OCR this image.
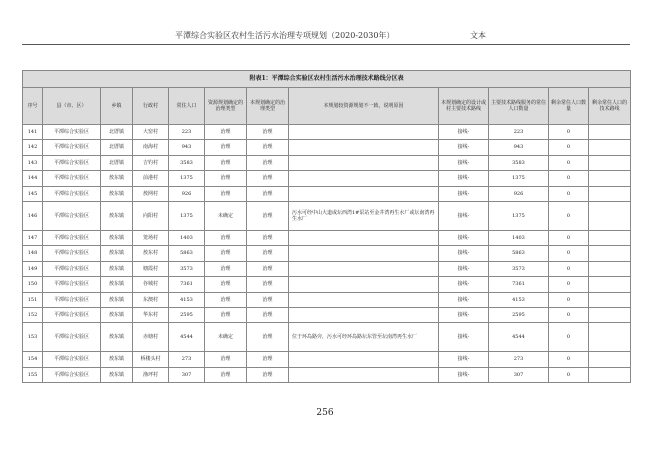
平潭综合实验区农村生活污水治理专项规划（2020-2030年）	文本
附表1：平潭综合实验区农村生活污水治理技术路线分区表											
序号	县（市、区）	乡镇	行政村	常住人口	资源规划确定的治理类型	本规划确定的治理类型	本规划较资源规划不一致，说明原因	本规划确定的设计或村主要技术路线	主要技术路线服务的常住人口数量	剩余常住人口数量	剩余常住人口的技术路线
141	平潭综合实验区	北厝镇	大窑村	223	治理	治理		接线-	223	0	
142	平潭综合实验区	北厝镇	南海村	943	治理	治理		接线-	943	0	
143	平潭综合实验区	北厝镇	吉钓村	3583	治理	治理		接线-	3583	0	
144	平潭综合实验区	敖东镇	前港村	1375	治理	治理		接线-	1375	0	
145	平潭综合实验区	敖东镇	敖网村	926	治理	治理		接线-	926	0	
146	平潭综合实验区	敖东镇	向阳村	1375	未确定	治理	污水可经中山大道或坛西湾1#泵站至金井湾再生水厂或坛南湾再生水厂	接线-	1375	0	
147	平潭综合实验区	敖东镇	笼场村	1403	治理	治理		接线-	1403	0	
148	平潭综合实验区	敖东镇	敖东村	5863	治理	治理		接线-	5863	0	
149	平潭综合实验区	敖东镇	塘霞村	3573	治理	治理		接线-	3573	0	
150	平潭综合实验区	敖东镇	谷城村	7361	治理	治理		接线-	7361	0	
151	平潭综合实验区	敖东镇	东澳村	4153	治理	治理		接线-	4153	0	
152	平潭综合实验区	敖东镇	华东村	2595	治理	治理		接线-	2595	0	
153	平潭综合实验区	敖东镇	赤塘村	4544	未确定	治理	位于环岛路旁，污水可经环岛路坛东管至坛南湾再生水厂	接线-	4544	0	
154	平潭综合实验区	敖东镇	桥楼头村	273	治理	治理		接线-	273	0	
155	平潭综合实验区	敖东镇	渔坪村	307	治理	治理		接线-	307	0	
256
